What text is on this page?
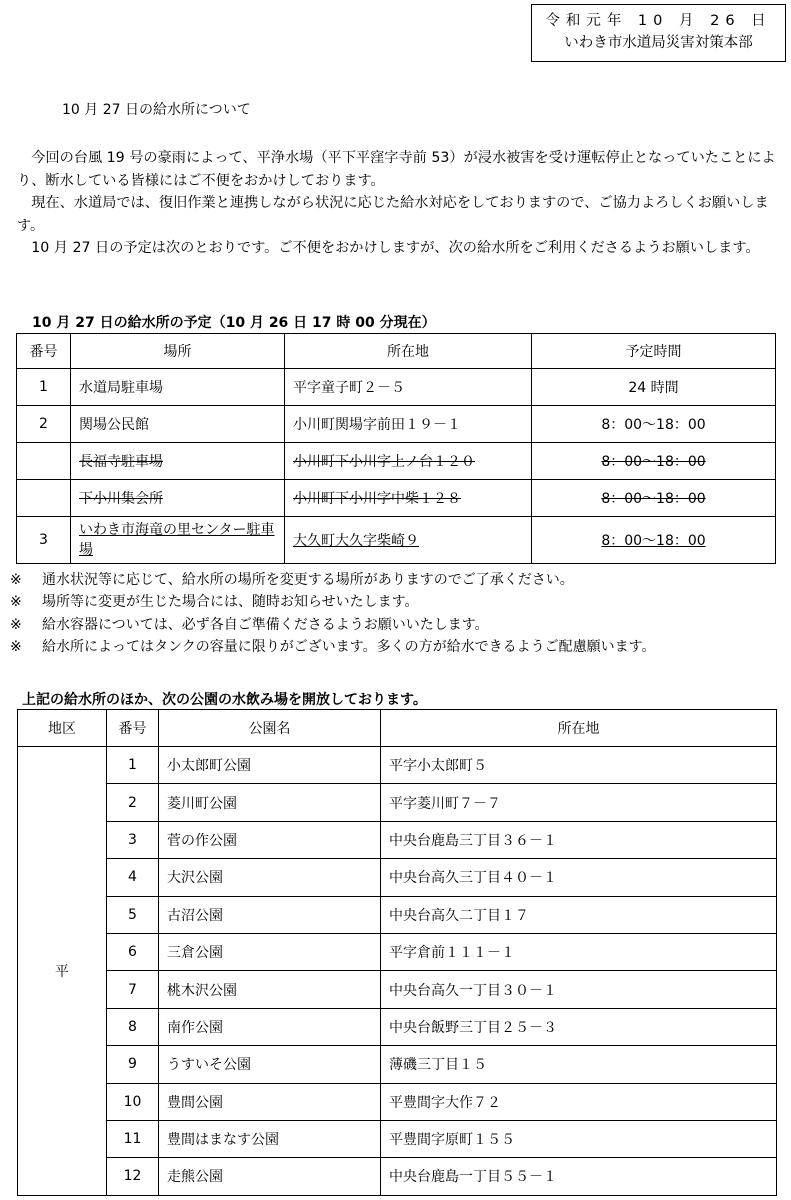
令和元年 10 月 26 日
いわき市水道局災害対策本部
10 月 27 日の給水所について

今回の台風 19 号の豪雨によって、平浄水場（平下平窪字寺前 53）が浸水被害を受け運転停止となっていたことにより、断水している皆様にはご不便をおかけしております。

現在、水道局では、復旧作業と連携しながら状況に応じた給水対応をしておりますので、ご協力よろしくお願いします。

10 月 27 日の予定は次のとおりです。ご不便をおかけしますが、次の給水所をご利用くださるようお願いします。

10 月 27 日の給水所の予定（10 月 26 日 17 時 00 分現在）
番号	場所	所在地	予定時間
1	水道局駐車場	平字童子町２－５	24 時間
2	関場公民館	小川町関場字前田１９－１	8：00～18：00
	長福寺駐車場	小川町下小川字上ノ台１２０	8：00～18：00
	下小川集会所	小川町下小川字中柴１２８	8：00～18：00
3	いわき市海竜の里センター駐車場	大久町大久字柴崎９	8：00～18：00
※ 通水状況等に応じて、給水所の場所を変更する場所がありますのでご了承ください。
※ 場所等に変更が生じた場合には、随時お知らせいたします。
※ 給水容器については、必ず各自ご準備くださるようお願いいたします。
※ 給水所によってはタンクの容量に限りがございます。多くの方が給水できるようご配慮願います。
上記の給水所のほか、次の公園の水飲み場を開放しております。
地区	番号	公園名	所在地
平	1	小太郎町公園	平字小太郎町５
	2	菱川町公園	平字菱川町７－７
	3	菅の作公園	中央台鹿島三丁目３６－１
	4	大沢公園	中央台高久三丁目４０－１
	5	古沼公園	中央台高久二丁目１７
	6	三倉公園	平字倉前１１１－１
	7	桃木沢公園	中央台高久一丁目３０－１
	8	南作公園	中央台飯野三丁目２５－３
	9	うすいそ公園	薄磯三丁目１５
	10	豊間公園	平豊間字大作７２
	11	豊間はまなす公園	平豊間字原町１５５
	12	走熊公園	中央台鹿島一丁目５５－１
